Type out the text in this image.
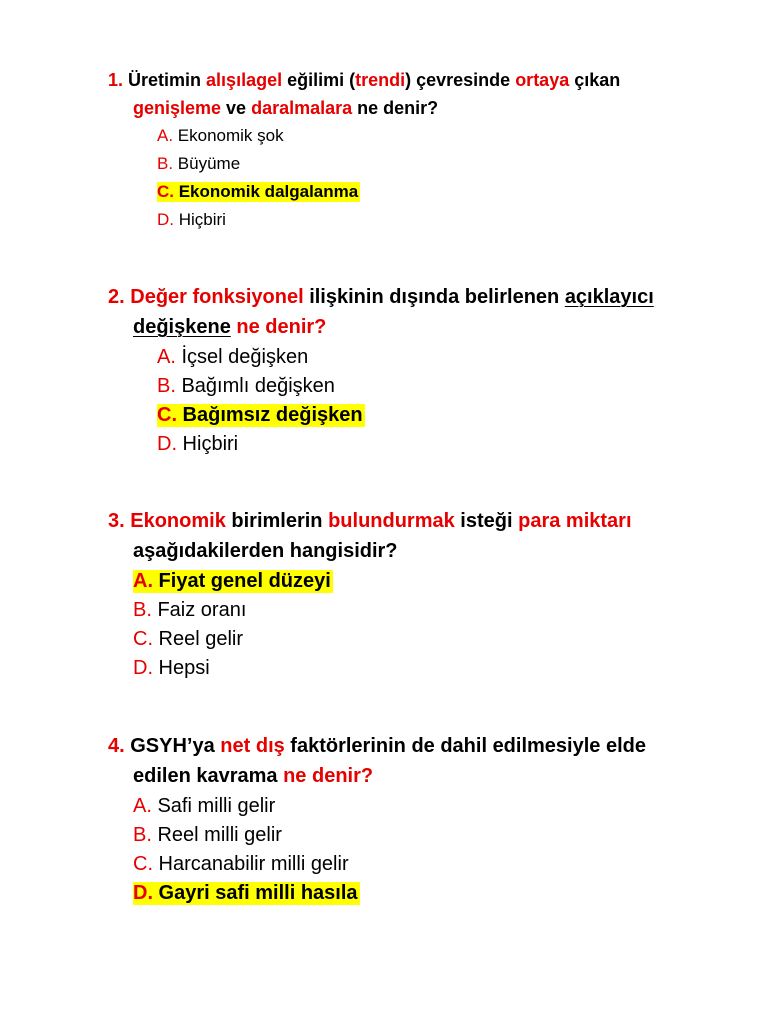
1. Üretimin alışılagel eğilimi (trendi) çevresinde ortaya çıkan
genişleme ve daralmalara ne denir?
A. Ekonomik şok
B. Büyüme
C. Ekonomik dalgalanma
D. Hiçbiri
2. Değer fonksiyonel ilişkinin dışında belirlenen açıklayıcı
değişkene ne denir?
A. İçsel değişken
B. Bağımlı değişken
C. Bağımsız değişken
D. Hiçbiri
3. Ekonomik birimlerin bulundurmak isteği para miktarı
aşağıdakilerden hangisidir?
A. Fiyat genel düzeyi
B. Faiz oranı
C. Reel gelir
D. Hepsi
4. GSYH’ya net dış faktörlerinin de dahil edilmesiyle elde
edilen kavrama ne denir?
A. Safi milli gelir
B. Reel milli gelir
C. Harcanabilir milli gelir
D. Gayri safi milli hasıla
